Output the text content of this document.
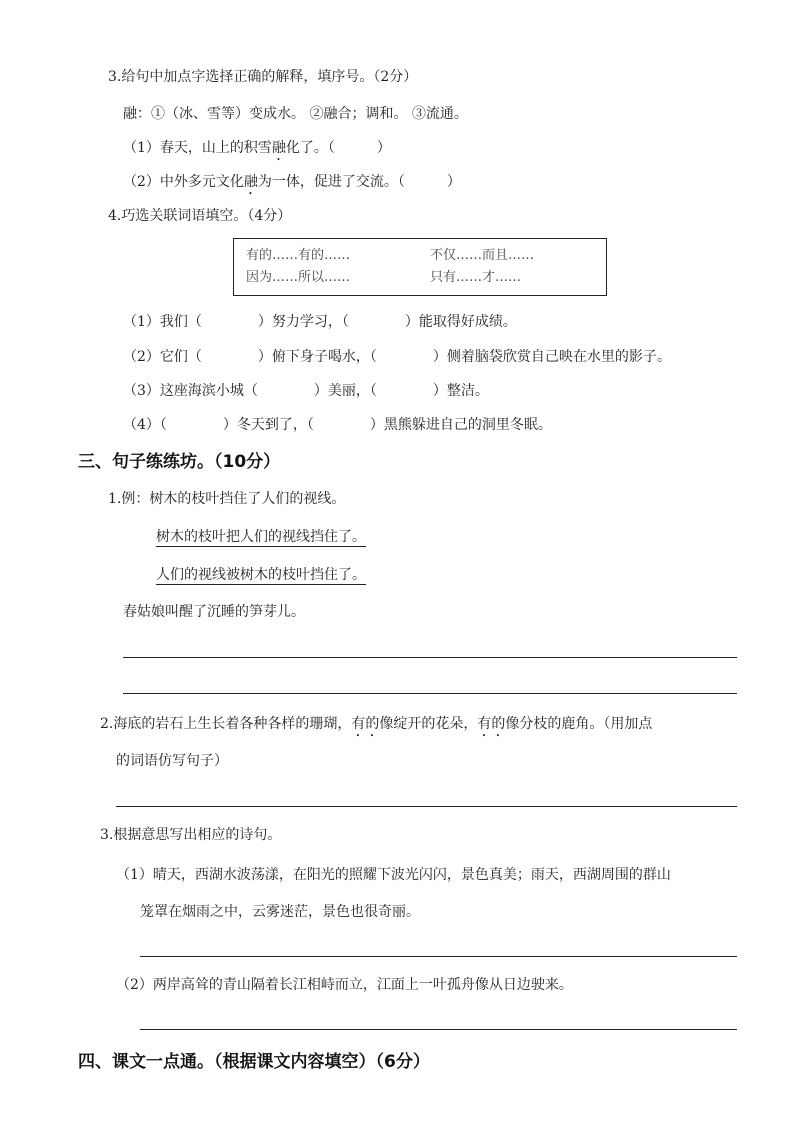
3.给句中加点字选择正确的解释，填序号。（2分）
融：①（冰、雪等）变成水。 ②融合；调和。 ③流通。
（1）春天，山上的积雪融化了。（　　　）
（2）中外多元文化融为一体，促进了交流。（　　　）
4.巧选关联词语填空。（4分）
有的……有的……	不仅……而且……
因为……所以……	只有……才……
（1）我们（　　　　）努力学习，（　　　　）能取得好成绩。
（2）它们（　　　　）俯下身子喝水，（　　　　）侧着脑袋欣赏自己映在水里的影子。
（3）这座海滨小城（　　　　）美丽，（　　　　）整洁。
（4）（　　　　）冬天到了，（　　　　）黑熊躲进自己的洞里冬眠。
三、句子练练坊。（10分）
1.例：树木的枝叶挡住了人们的视线。
树木的枝叶把人们的视线挡住了。
人们的视线被树木的枝叶挡住了。
春姑娘叫醒了沉睡的笋芽儿。
2.海底的岩石上生长着各种各样的珊瑚，有的像绽开的花朵，有的像分枝的鹿角。（用加点
的词语仿写句子）
3.根据意思写出相应的诗句。
（1）晴天，西湖水波荡漾，在阳光的照耀下波光闪闪，景色真美；雨天，西湖周围的群山
笼罩在烟雨之中，云雾迷茫，景色也很奇丽。
（2）两岸高耸的青山隔着长江相峙而立，江面上一叶孤舟像从日边驶来。
四、课文一点通。（根据课文内容填空）（6分）
